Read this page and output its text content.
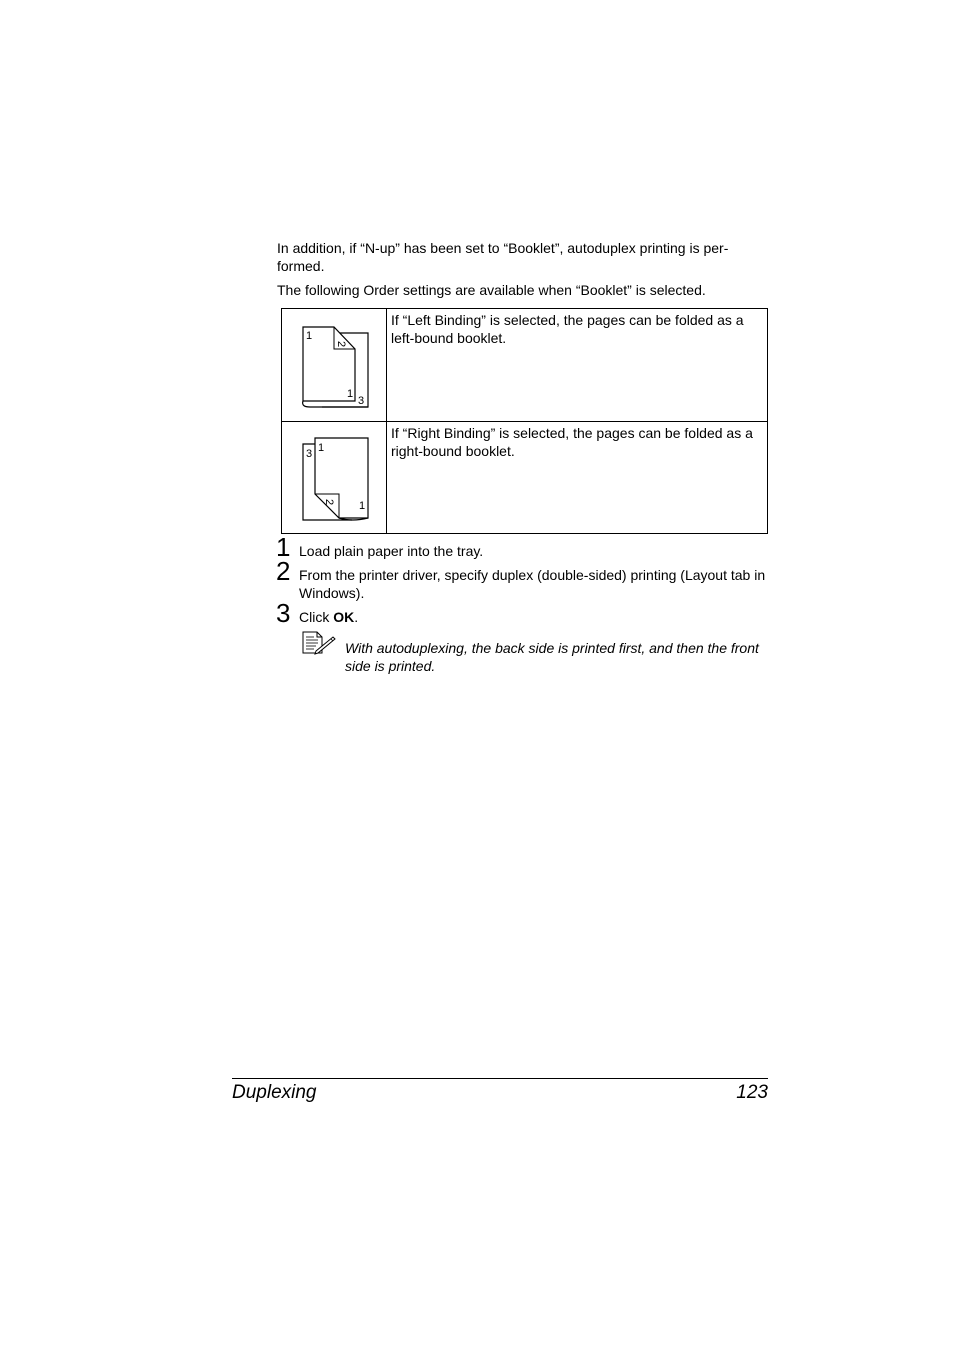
In addition, if “N-up” has been set to “Booklet”, autoduplex printing is per-formed.
The following Order settings are available when “Booklet” is selected.
1
2
1
3
If “Left Binding” is selected, the pages can be folded as a left-bound booklet.
3 1
2 1
If “Right Binding” is selected, the pages can be folded as a right-bound booklet.
1 Load plain paper into the tray.
2 From the printer driver, specify duplex (double-sided) printing (Layout tab in Windows).
3 Click OK.
With autoduplexing, the back side is printed first, and then the front side is printed.
Duplexing	123
